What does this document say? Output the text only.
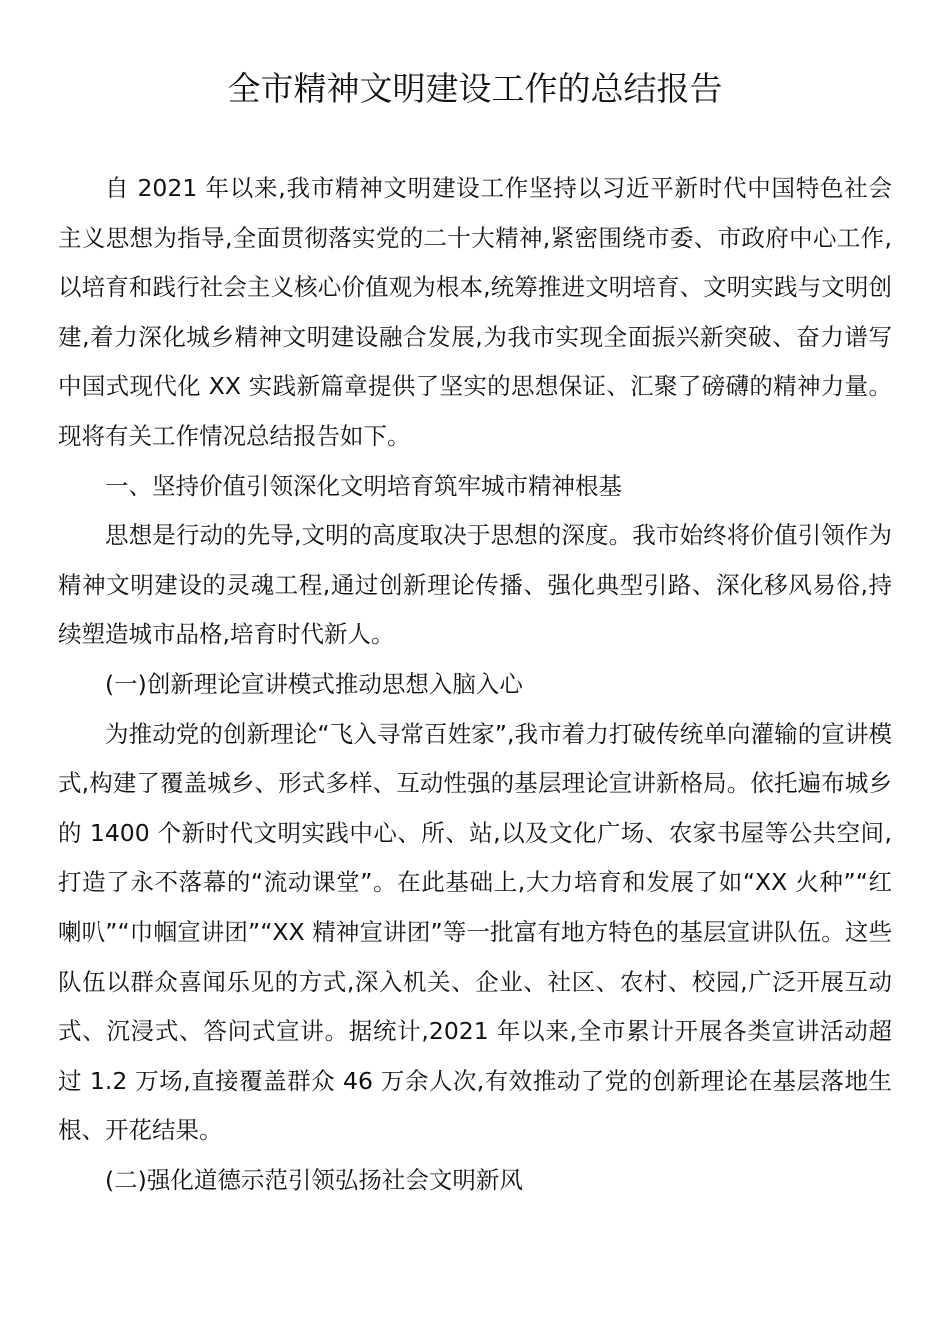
全市精神文明建设工作的总结报告

自 2021 年以来,我市精神文明建设工作坚持以习近平新时代中国特色社会主义思想为指导,全面贯彻落实党的二十大精神,紧密围绕市委、市政府中心工作,以培育和践行社会主义核心价值观为根本,统筹推进文明培育、文明实践与文明创建,着力深化城乡精神文明建设融合发展,为我市实现全面振兴新突破、奋力谱写中国式现代化 XX 实践新篇章提供了坚实的思想保证、汇聚了磅礴的精神力量。现将有关工作情况总结报告如下。

一、坚持价值引领深化文明培育筑牢城市精神根基

思想是行动的先导,文明的高度取决于思想的深度。我市始终将价值引领作为精神文明建设的灵魂工程,通过创新理论传播、强化典型引路、深化移风易俗,持续塑造城市品格,培育时代新人。

(一)创新理论宣讲模式推动思想入脑入心

为推动党的创新理论“飞入寻常百姓家”,我市着力打破传统单向灌输的宣讲模式,构建了覆盖城乡、形式多样、互动性强的基层理论宣讲新格局。依托遍布城乡的 1400 个新时代文明实践中心、所、站,以及文化广场、农家书屋等公共空间,打造了永不落幕的“流动课堂”。在此基础上,大力培育和发展了如“XX 火种”“红喇叭”“巾帼宣讲团”“XX 精神宣讲团”等一批富有地方特色的基层宣讲队伍。这些队伍以群众喜闻乐见的方式,深入机关、企业、社区、农村、校园,广泛开展互动式、沉浸式、答问式宣讲。据统计,2021 年以来,全市累计开展各类宣讲活动超过 1.2 万场,直接覆盖群众 46 万余人次,有效推动了党的创新理论在基层落地生根、开花结果。

(二)强化道德示范引领弘扬社会文明新风
